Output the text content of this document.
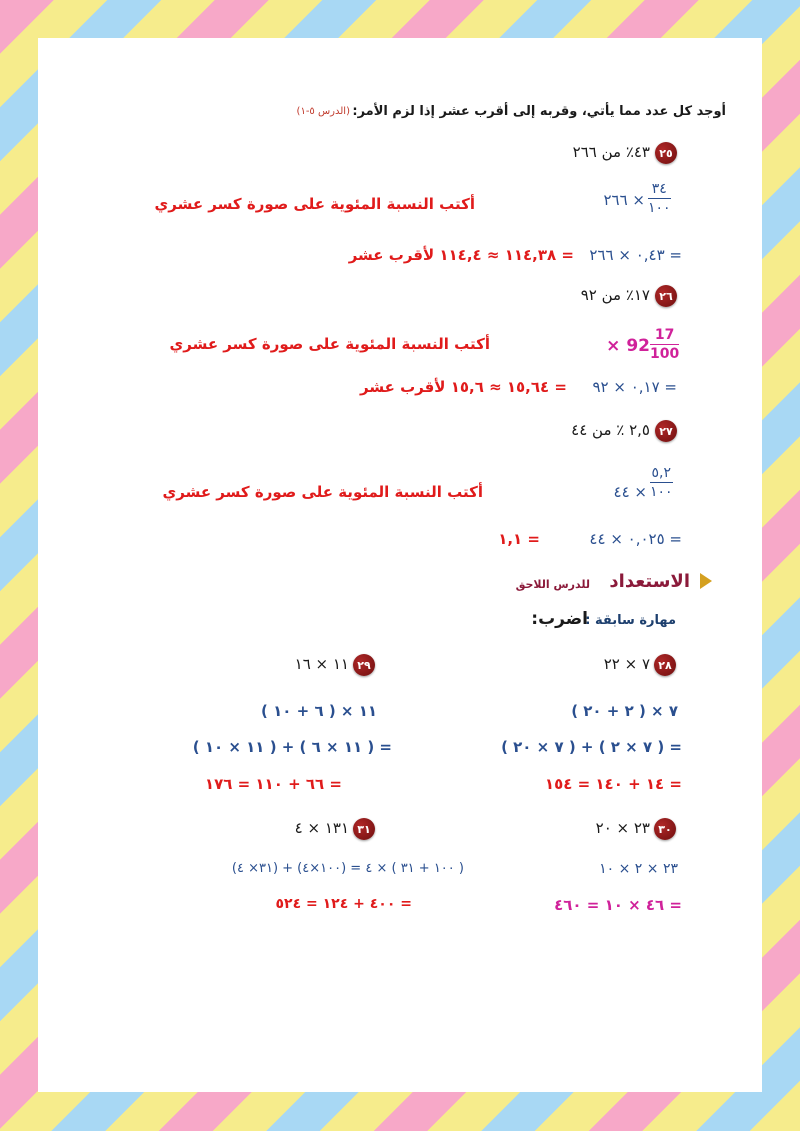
أوجد كل عدد مما يأتي، وقربه إلى أقرب عشر إذا لزم الأمر:
(الدرس ٥-١)
٢٥
٤٣٪ من ٢٦٦
٣٤
١٠٠
× ٢٦٦
أكتب النسبة المئوية على صورة كسر عشري
= ٠,٤٣ × ٢٦٦
= ١١٤,٣٨ ≈ ١١٤,٤ لأقرب عشر
٢٦
١٧٪ من ٩٢
17
100
92 ×
أكتب النسبة المئوية على صورة كسر عشري
= ٠,١٧ × ٩٢
= ١٥,٦٤ ≈ ١٥,٦ لأقرب عشر
٢٧
٢,٥ ٪ من ٤٤
٥,٢
١٠٠
× ٤٤
أكتب النسبة المئوية على صورة كسر عشري
= ٠,٠٢٥ × ٤٤
= ١,١
الاستعداد
للدرس اللاحق
مهارة سابقة :
اضرب:
٢٨
٧ × ٢٢
٧ × ( ٢ + ٢٠ )
= ( ٧ × ٢ ) + ( ٧ × ٢٠ )
= ١٤ + ١٤٠ = ١٥٤
٢٩
١١ × ١٦
١١ × ( ٦ + ١٠ )
= ( ١١ × ٦ ) + ( ١١ × ١٠ )
= ٦٦ + ١١٠ = ١٧٦
٣٠
٢٣ × ٢٠
٢٣ × ٢ × ١٠
= ٤٦ × ١٠ = ٤٦٠
٣١
١٣١ × ٤
( ١٠٠ + ٣١ ) × ٤ = (١٠٠×٤) + (٣١× ٤)
= ٤٠٠ + ١٢٤ = ٥٢٤
